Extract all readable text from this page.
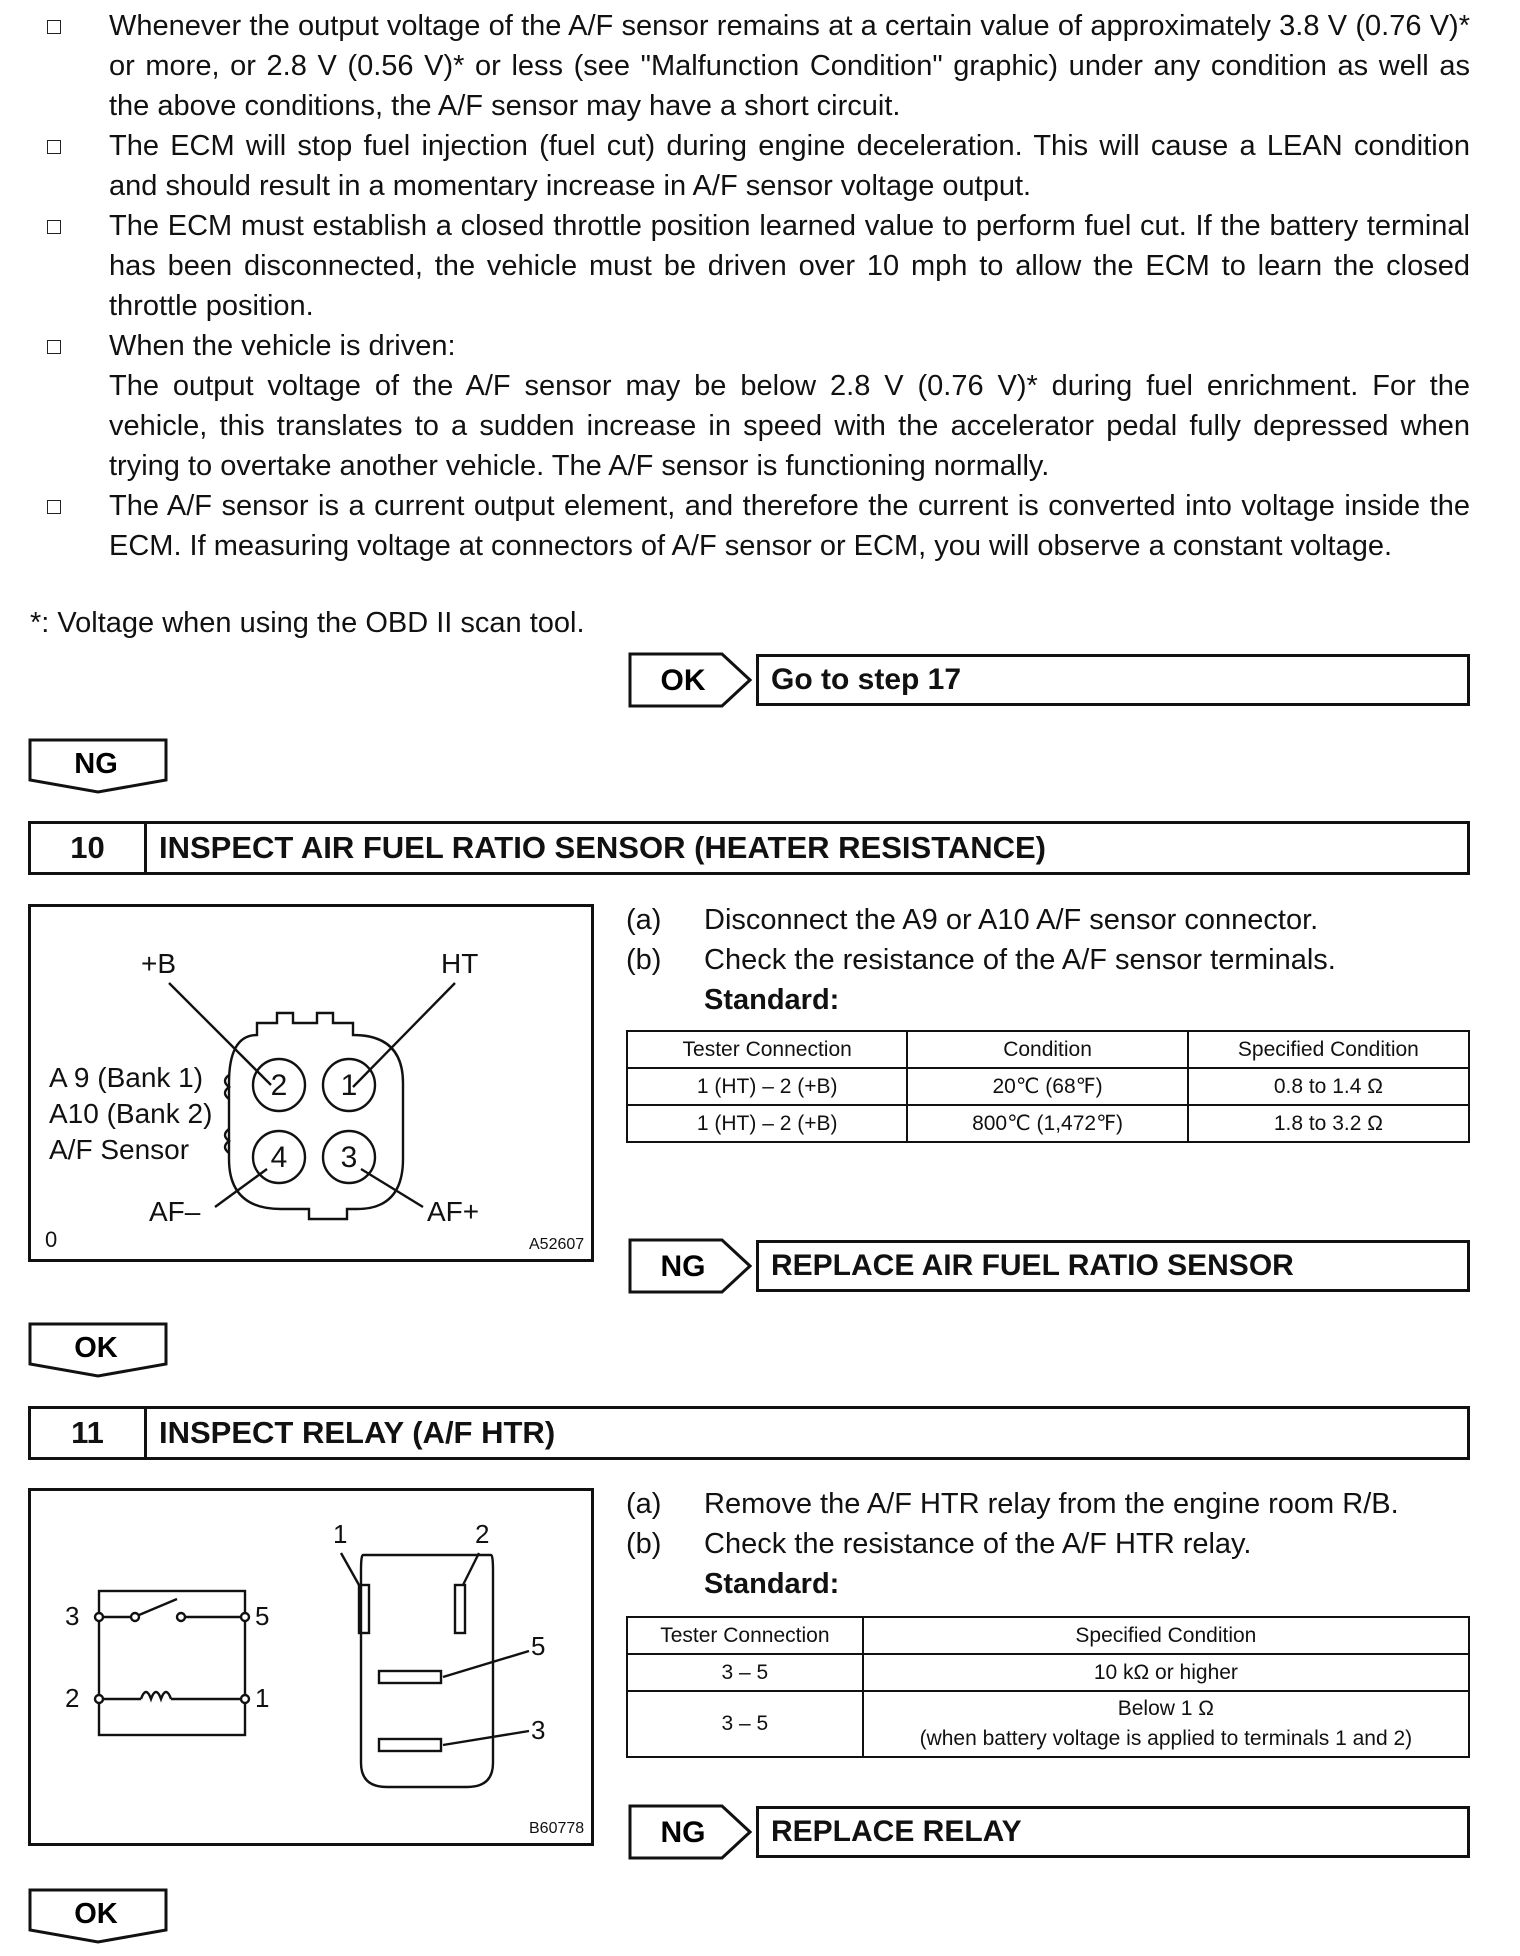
Whenever the output voltage of the A/F sensor remains at a certain value of approximately 3.8 V (0.76 V)* or more, or 2.8 V (0.56 V)* or less (see "Malfunction Condition" graphic) under any condition as well as the above conditions, the A/F sensor may have a short circuit.
The ECM will stop fuel injection (fuel cut) during engine deceleration. This will cause a LEAN condition and should result in a momentary increase in A/F sensor voltage output.
The ECM must establish a closed throttle position learned value to perform fuel cut. If the battery terminal has been disconnected, the vehicle must be driven over 10 mph to allow the ECM to learn the closed throttle position.
When the vehicle is driven:
The output voltage of the A/F sensor may be below 2.8 V (0.76 V)* during fuel enrichment. For the vehicle, this translates to a sudden increase in speed with the accelerator pedal fully depressed when trying to overtake another vehicle. The A/F sensor is functioning normally.
The A/F sensor is a current output element, and therefore the current is converted into voltage inside the ECM. If measuring voltage at connectors of A/F sensor or ECM, you will observe a constant voltage.
*: Voltage when using the OBD II scan tool.
OK	Go to step 17
NG
10	INSPECT AIR FUEL RATIO SENSOR (HEATER RESISTANCE)
+B	HT
2 1
4 3
A 9 (Bank 1)
A10 (Bank 2)
A/F Sensor
AF–	AF+
0	A52607
(a)	Disconnect the A9 or A10 A/F sensor connector.
(b)	Check the resistance of the A/F sensor terminals.
Standard:
Tester Connection	Condition	Specified Condition
1 (HT) – 2 (+B)	20℃ (68℉)	0.8 to 1.4 Ω
1 (HT) – 2 (+B)	800℃ (1,472℉)	1.8 to 3.2 Ω
NG	REPLACE AIR FUEL RATIO SENSOR
OK
11	INSPECT RELAY (A/F HTR)
3	5
2	1
1	2
5
3
B60778
(a)	Remove the A/F HTR relay from the engine room R/B.
(b)	Check the resistance of the A/F HTR relay.
Standard:
Tester Connection	Specified Condition
3 – 5	10 kΩ or higher
3 – 5	Below 1 Ω
(when battery voltage is applied to terminals 1 and 2)
NG	REPLACE RELAY
OK
